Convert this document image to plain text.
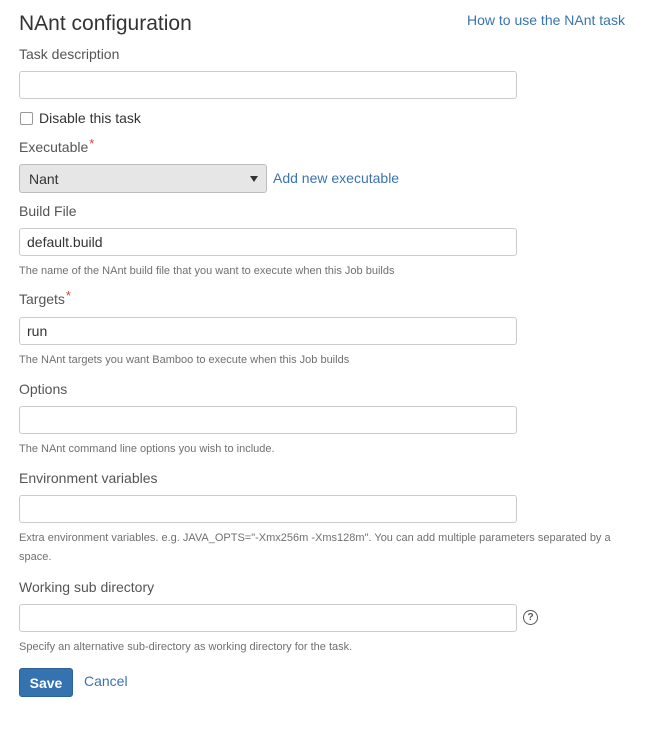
NAnt configuration	How to use the NAnt task
Task description
Disable this task
Executable*
Nant	Add new executable
Build File
default.build
The name of the NAnt build file that you want to execute when this Job builds
Targets*
run
The NAnt targets you want Bamboo to execute when this Job builds
Options
The NAnt command line options you wish to include.
Environment variables
Extra environment variables. e.g. JAVA_OPTS="-Xmx256m -Xms128m". You can add multiple parameters separated by a space.
Working sub directory
?
Specify an alternative sub-directory as working directory for the task.
Save	Cancel
